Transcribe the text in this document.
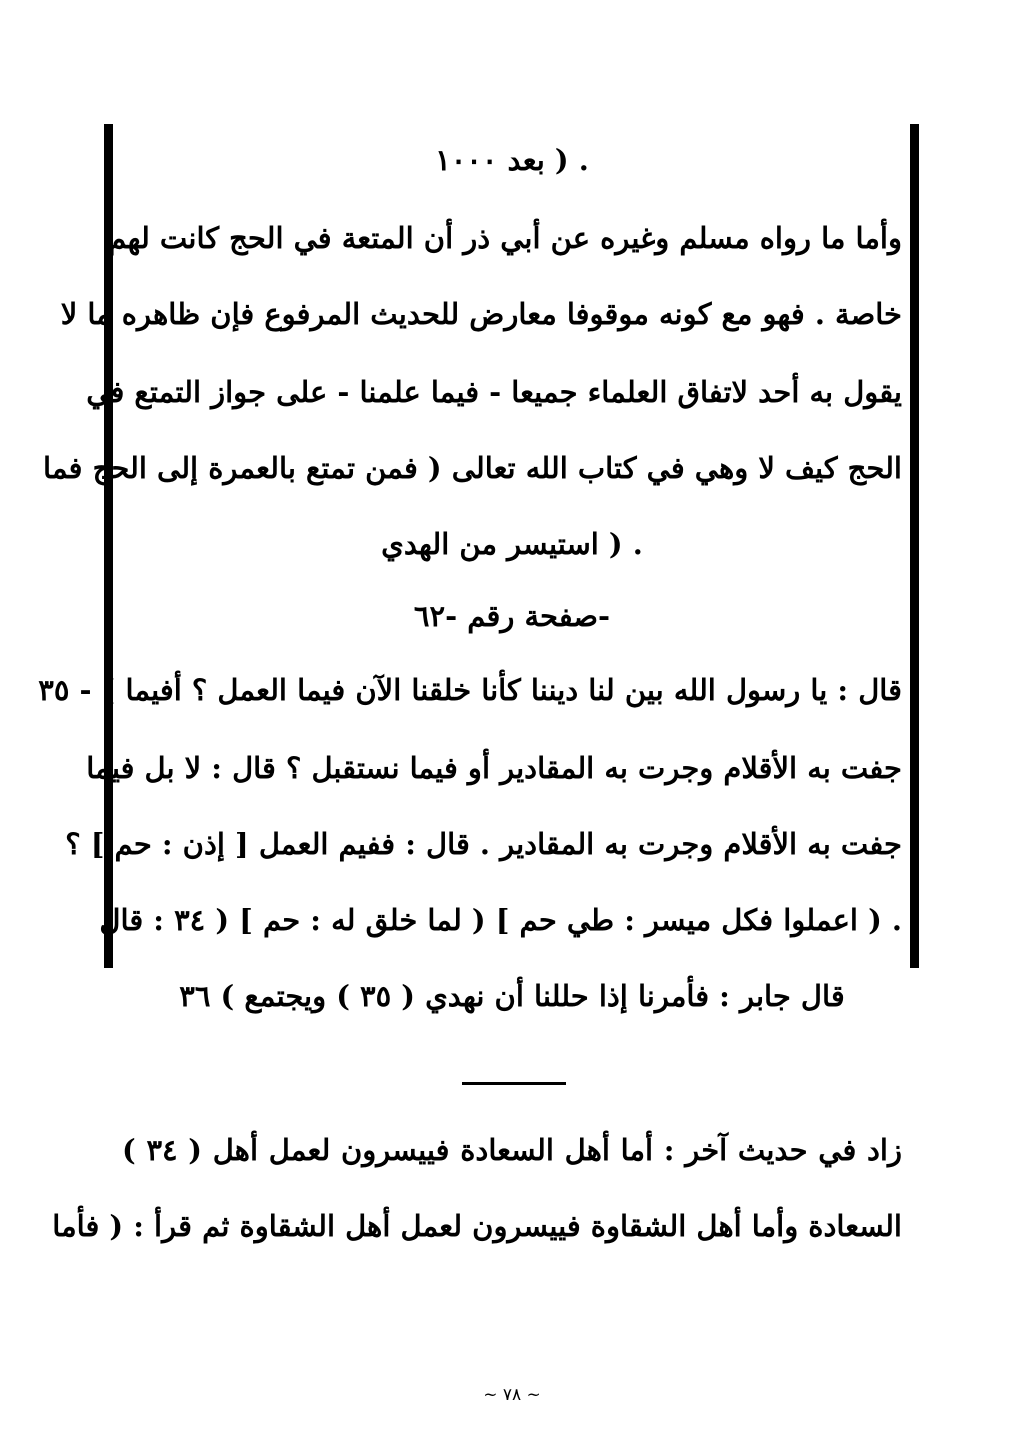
. ( بعد ١٠٠٠
وأما ما رواه مسلم وغيره عن أبي ذر أن المتعة في الحج كانت لهم
خاصة . فهو مع كونه موقوفا معارض للحديث المرفوع فإن ظاهره ما لا
يقول به أحد لاتفاق العلماء جميعا - فيما علمنا - على جواز التمتع في
الحج كيف لا وهي في كتاب الله تعالى ( فمن تمتع بالعمرة إلى الحج فما
. ( استيسر من الهدي
-صفحة رقم -٦٢
قال : يا رسول الله بين لنا ديننا كأنا خلقنا الآن فيما العمل ؟ أفيما ] - ٣٥
جفت به الأقلام وجرت به المقادير أو فيما نستقبل ؟ قال : لا بل فيما
جفت به الأقلام وجرت به المقادير . قال : ففيم العمل [ إذن : حم ] ؟
. ( اعملوا فكل ميسر : طي حم ] ( لما خلق له : حم ] ( ٣٤ : قال
قال جابر : فأمرنا إذا حللنا أن نهدي ( ٣٥ ) ويجتمع ) ٣٦
زاد في حديث آخر : أما أهل السعادة فييسرون لعمل أهل ( ٣٤ )
السعادة وأما أهل الشقاوة فييسرون لعمل أهل الشقاوة ثم قرأ : ( فأما
~ ٧٨ ~
